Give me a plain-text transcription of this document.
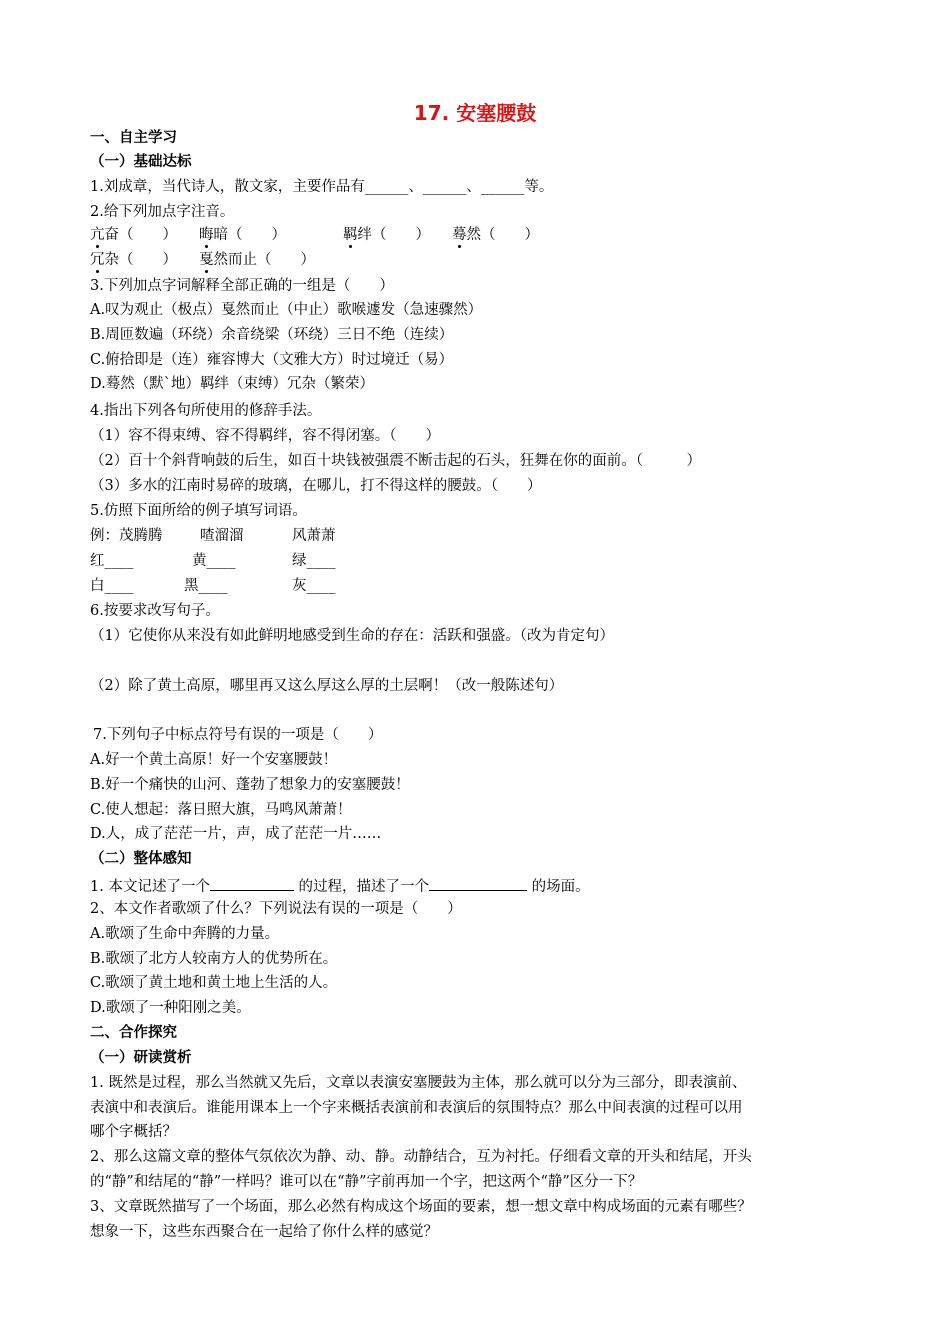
17. 安塞腰鼓
一、自主学习
（一）基础达标
1.刘成章，当代诗人，散文家，主要作品有______、______、______等。
2.给下列加点字注音。
亢奋（　　） 晦暗（　　）	羁绊（　　） 蓦然（　　）
冗杂（　　） 戛然而止（　　）
3.下列加点字词解释全部正确的一组是（　　）
A.叹为观止（极点）戛然而止（中止）歌喉遽发（急速骤然）
B.周匝数遍（环绕）余音绕梁（环绕）三日不绝（连续）
C.俯拾即是（连）雍容博大（文雅大方）时过境迁（易）
D.蓦然（默`地）羁绊（束缚）冗杂（繁荣）
4.指出下列各句所使用的修辞手法。
（1）容不得束缚、容不得羁绊，容不得闭塞。（　　）
（2）百十个斜背响鼓的后生，如百十块钱被强震不断击起的石头，狂舞在你的面前。（　　　）
（3）多水的江南时易碎的玻璃，在哪儿，打不得这样的腰鼓。（　　）
5.仿照下面所给的例子填写词语。
例：茂腾腾	喳溜溜	风萧萧
红____	黄____	绿____
白____	黑____	灰____
6.按要求改写句子。
（1）它使你从来没有如此鲜明地感受到生命的存在：活跃和强盛。（改为肯定句）
（2）除了黄土高原，哪里再又这么厚这么厚的土层啊！（改一般陈述句）
7.下列句子中标点符号有误的一项是（　　）
A.好一个黄土高原！好一个安塞腰鼓！
B.好一个痛快的山河、蓬勃了想象力的安塞腰鼓！
C.使人想起：落日照大旗，马鸣风萧萧！
D.人，成了茫茫一片，声，成了茫茫一片……
（二）整体感知
1. 本文记述了一个	的过程，描述了一个	的场面。
2、本文作者歌颂了什么？下列说法有误的一项是（　　）
A.歌颂了生命中奔腾的力量。
B.歌颂了北方人较南方人的优势所在。
C.歌颂了黄土地和黄土地上生活的人。
D.歌颂了一种阳刚之美。
二、合作探究
（一）研读赏析
1. 既然是过程，那么当然就又先后，文章以表演安塞腰鼓为主体，那么就可以分为三部分，即表演前、
表演中和表演后。谁能用课本上一个字来概括表演前和表演后的氛围特点？那么中间表演的过程可以用
哪个字概括？
2、那么这篇文章的整体气氛依次为静、动、静。动静结合，互为衬托。仔细看文章的开头和结尾，开头
的“静”和结尾的“静”一样吗？谁可以在“静”字前再加一个字，把这两个“静”区分一下？
3、文章既然描写了一个场面，那么必然有构成这个场面的要素，想一想文章中构成场面的元素有哪些？
想象一下，这些东西聚合在一起给了你什么样的感觉？
